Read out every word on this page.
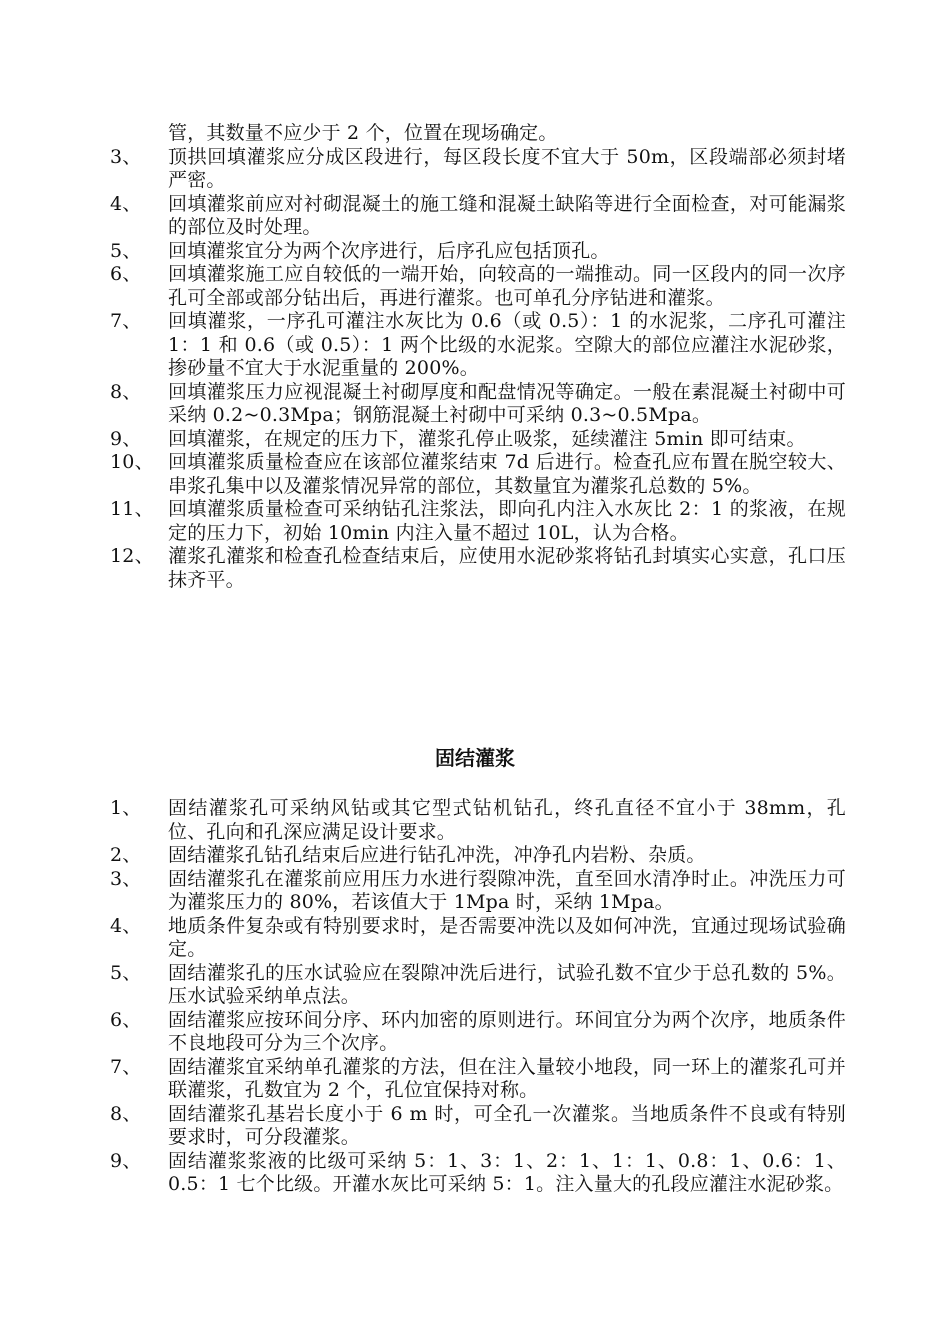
管，其数量不应少于 2 个，位置在现场确定。
3、	顶拱回填灌浆应分成区段进行，每区段长度不宜大于 50m，区段端部必须封堵严密。
4、	回填灌浆前应对衬砌混凝土的施工缝和混凝土缺陷等进行全面检查，对可能漏浆的部位及时处理。
5、	回填灌浆宜分为两个次序进行，后序孔应包括顶孔。
6、	回填灌浆施工应自较低的一端开始，向较高的一端推动。同一区段内的同一次序孔可全部或部分钻出后，再进行灌浆。也可单孔分序钻进和灌浆。
7、	回填灌浆，一序孔可灌注水灰比为 0.6（或 0.5）：1 的水泥浆，二序孔可灌注 1：1 和 0.6（或 0.5）：1 两个比级的水泥浆。空隙大的部位应灌注水泥砂浆，掺砂量不宜大于水泥重量的 200%。
8、	回填灌浆压力应视混凝土衬砌厚度和配盘情况等确定。一般在素混凝土衬砌中可采纳 0.2~0.3Mpa；钢筋混凝土衬砌中可采纳 0.3~0.5Mpa。
9、	回填灌浆，在规定的压力下，灌浆孔停止吸浆，延续灌注 5min 即可结束。
10、 回填灌浆质量检查应在该部位灌浆结束 7d 后进行。检查孔应布置在脱空较大、串浆孔集中以及灌浆情况异常的部位，其数量宜为灌浆孔总数的 5%。
11、 回填灌浆质量检查可采纳钻孔注浆法，即向孔内注入水灰比 2：1 的浆液，在规定的压力下，初始 10min 内注入量不超过 10L，认为合格。
12、 灌浆孔灌浆和检查孔检查结束后，应使用水泥砂浆将钻孔封填实心实意，孔口压抹齐平。
固结灌浆
1、	固结灌浆孔可采纳风钻或其它型式钻机钻孔，终孔直径不宜小于 38mm，孔位、孔向和孔深应满足设计要求。
2、	固结灌浆孔钻孔结束后应进行钻孔冲洗，冲净孔内岩粉、杂质。
3、	固结灌浆孔在灌浆前应用压力水进行裂隙冲洗，直至回水清净时止。冲洗压力可为灌浆压力的 80%，若该值大于 1Mpa 时，采纳 1Mpa。
4、	地质条件复杂或有特别要求时，是否需要冲洗以及如何冲洗，宜通过现场试验确定。
5、	固结灌浆孔的压水试验应在裂隙冲洗后进行，试验孔数不宜少于总孔数的 5%。压水试验采纳单点法。
6、	固结灌浆应按环间分序、环内加密的原则进行。环间宜分为两个次序，地质条件不良地段可分为三个次序。
7、	固结灌浆宜采纳单孔灌浆的方法，但在注入量较小地段，同一环上的灌浆孔可并联灌浆，孔数宜为 2 个，孔位宜保持对称。
8、	固结灌浆孔基岩长度小于 6 m 时，可全孔一次灌浆。当地质条件不良或有特别要求时，可分段灌浆。
9、	固结灌浆浆液的比级可采纳 5：1、3：1、2：1、1：1、0.8：1、0.6：1、0.5：1 七个比级。开灌水灰比可采纳 5：1。注入量大的孔段应灌注水泥砂浆。
